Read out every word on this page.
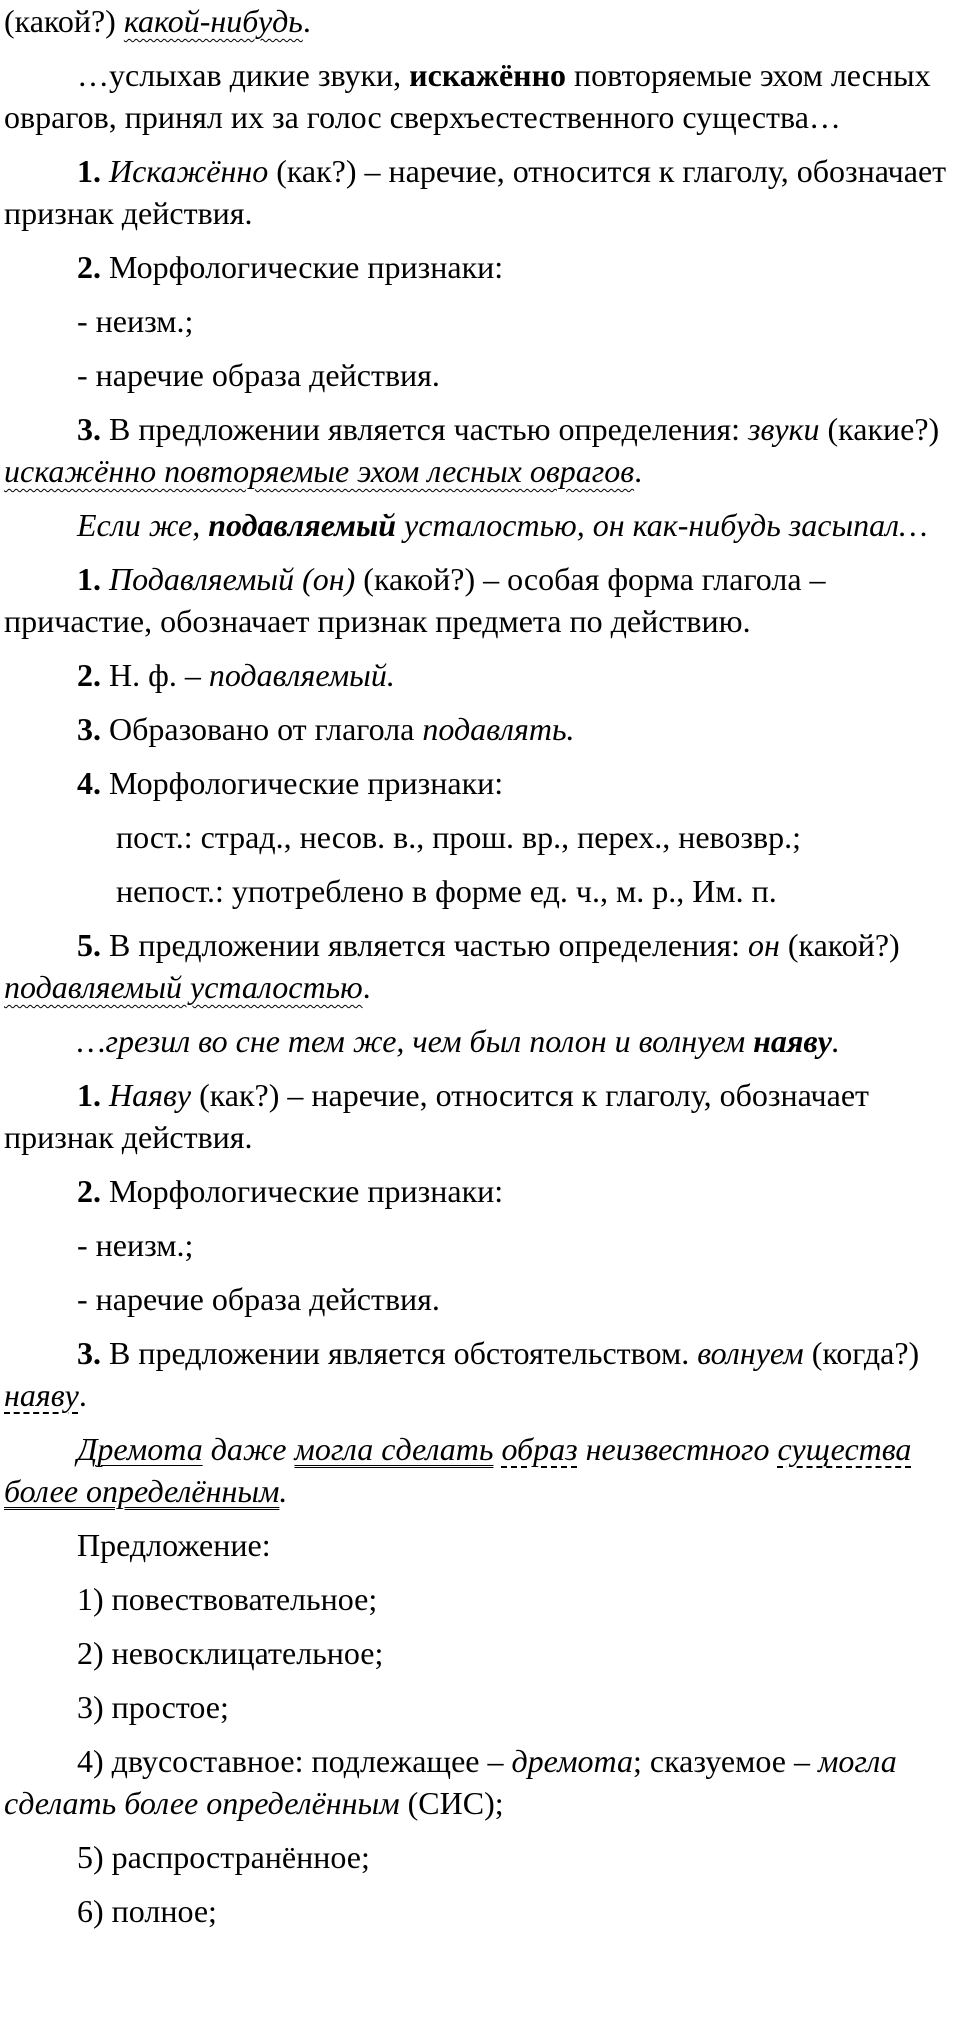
(какой?) какой-нибудь.

…услыхав дикие звуки, искажённо повторяемые эхом лесных оврагов, принял их за голос сверхъестественного существа…

1. Искажённо (как?) – наречие, относится к глаголу, обозначает признак действия.

2. Морфологические признаки:

- неизм.;

- наречие образа действия.

3. В предложении является частью определения: звуки (какие?) искажённо повторяемые эхом лесных оврагов.

Если же, подавляемый усталостью, он как-нибудь засыпал…

1. Подавляемый (он) (какой?) – особая форма глагола – причастие, обозначает признак предмета по действию.

2. Н. ф. – подавляемый.

3. Образовано от глагола подавлять.

4. Морфологические признаки:

пост.: страд., несов. в., прош. вр., перех., невозвр.;

непост.: употреблено в форме ед. ч., м. р., Им. п.

5. В предложении является частью определения: он (какой?) подавляемый усталостью.

…грезил во сне тем же, чем был полон и волнуем наяву.

1. Наяву (как?) – наречие, относится к глаголу, обозначает признак действия.

2. Морфологические признаки:

- неизм.;

- наречие образа действия.

3. В предложении является обстоятельством. волнуем (когда?) наяву.

Дремота даже могла сделать образ неизвестного существа более определённым.

Предложение:

1) повествовательное;

2) невосклицательное;

3) простое;

4) двусоставное: подлежащее – дремота; сказуемое – могла сделать более определённым (СИС);

5) распространённое;

6) полное;
